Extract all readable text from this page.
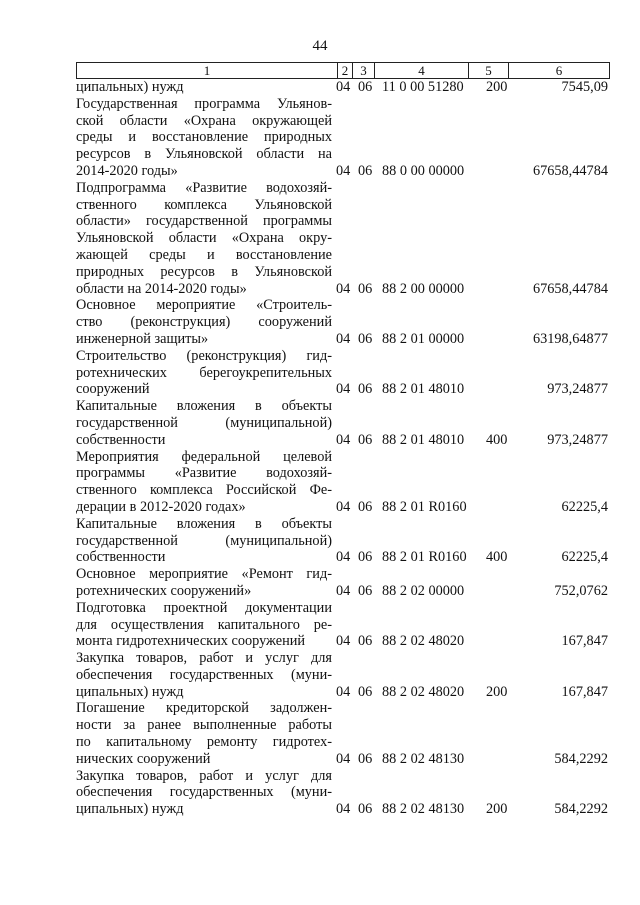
44
1	2 3	4	5	6
ципальных) нужд	04 06 11 0 00 51280	200	7545,09
Государственная программа Ульянов-
ской области «Охрана окружающей
среды и восстановление природных
ресурсов в Ульяновской области на
2014-2020 годы»	04 06 88 0 00 00000	67658,44784
Подпрограмма «Развитие водохозяй-
ственного комплекса Ульяновской
области» государственной программы
Ульяновской области «Охрана окру-
жающей среды и восстановление
природных ресурсов в Ульяновской
области на 2014-2020 годы»	04 06 88 2 00 00000	67658,44784
Основное мероприятие «Строитель-
ство (реконструкция) сооружений
инженерной защиты»	04 06 88 2 01 00000	63198,64877
Строительство (реконструкция) гид-
ротехнических берегоукрепительных
сооружений	04 06 88 2 01 48010	973,24877
Капитальные вложения в объекты
государственной (муниципальной)
собственности	04 06 88 2 01 48010	400	973,24877
Мероприятия федеральной целевой
программы «Развитие водохозяй-
ственного комплекса Российской Фе-
дерации в 2012-2020 годах»	04 06 88 2 01 R0160	62225,4
Капитальные вложения в объекты
государственной (муниципальной)
собственности	04 06 88 2 01 R0160	400	62225,4
Основное мероприятие «Ремонт гид-
ротехнических сооружений»	04 06 88 2 02 00000	752,0762
Подготовка проектной документации
для осуществления капитального ре-
монта гидротехнических сооружений	04 06 88 2 02 48020	167,847
Закупка товаров, работ и услуг для
обеспечения государственных (муни-
ципальных) нужд	04 06 88 2 02 48020	200	167,847
Погашение кредиторской задолжен-
ности за ранее выполненные работы
по капитальному ремонту гидротех-
нических сооружений	04 06 88 2 02 48130	584,2292
Закупка товаров, работ и услуг для
обеспечения государственных (муни-
ципальных) нужд	04 06 88 2 02 48130	200	584,2292
